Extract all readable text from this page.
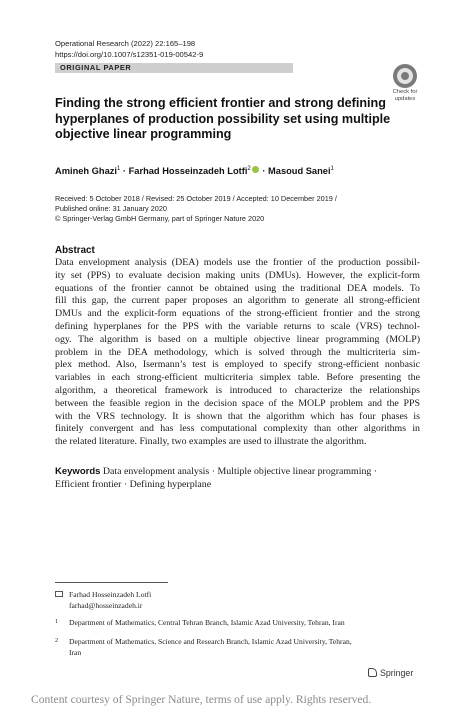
Operational Research (2022) 22:165–198
https://doi.org/10.1007/s12351-019-00542-9
ORIGINAL PAPER
Check for
updates
Finding the strong efficient frontier and strong defining
hyperplanes of production possibility set using multiple
objective linear programming
Amineh Ghazi$^1$ · Farhad Hosseinzadeh Lotfi$^2$ · Masoud Sanei$^1$
Received: 5 October 2018 / Revised: 25 October 2019 / Accepted: 10 December 2019 /
Published online: 31 January 2020
© Springer-Verlag GmbH Germany, part of Springer Nature 2020
Abstract
Data envelopment analysis (DEA) models use the frontier of the production possibil-
ity set (PPS) to evaluate decision making units (DMUs). However, the explicit-form
equations of the frontier cannot be obtained using the traditional DEA models. To
fill this gap, the current paper proposes an algorithm to generate all strong-efficient
DMUs and the explicit-form equations of the strong-efficient frontier and the strong
defining hyperplanes for the PPS with the variable returns to scale (VRS) technol-
ogy. The algorithm is based on a multiple objective linear programming (MOLP)
problem in the DEA methodology, which is solved through the multicriteria sim-
plex method. Also, Isermann’s test is employed to specify strong-efficient nonbasic
variables in each strong-efficient multicriteria simplex table. Before presenting the
algorithm, a theoretical framework is introduced to characterize the relationships
between the feasible region in the decision space of the MOLP problem and the PPS
with the VRS technology. It is shown that the algorithm which has four phases is
finitely convergent and has less computational complexity than other algorithms in
the related literature. Finally, two examples are used to illustrate the algorithm.
Keywords Data envelopment analysis · Multiple objective linear programming ·
Efficient frontier · Defining hyperplane
Farhad Hosseinzadeh Lotfi
farhad@hosseinzadeh.ir
1 Department of Mathematics, Central Tehran Branch, Islamic Azad University, Tehran, Iran
2 Department of Mathematics, Science and Research Branch, Islamic Azad University, Tehran,
Iran
Springer
Content courtesy of Springer Nature, terms of use apply. Rights reserved.
